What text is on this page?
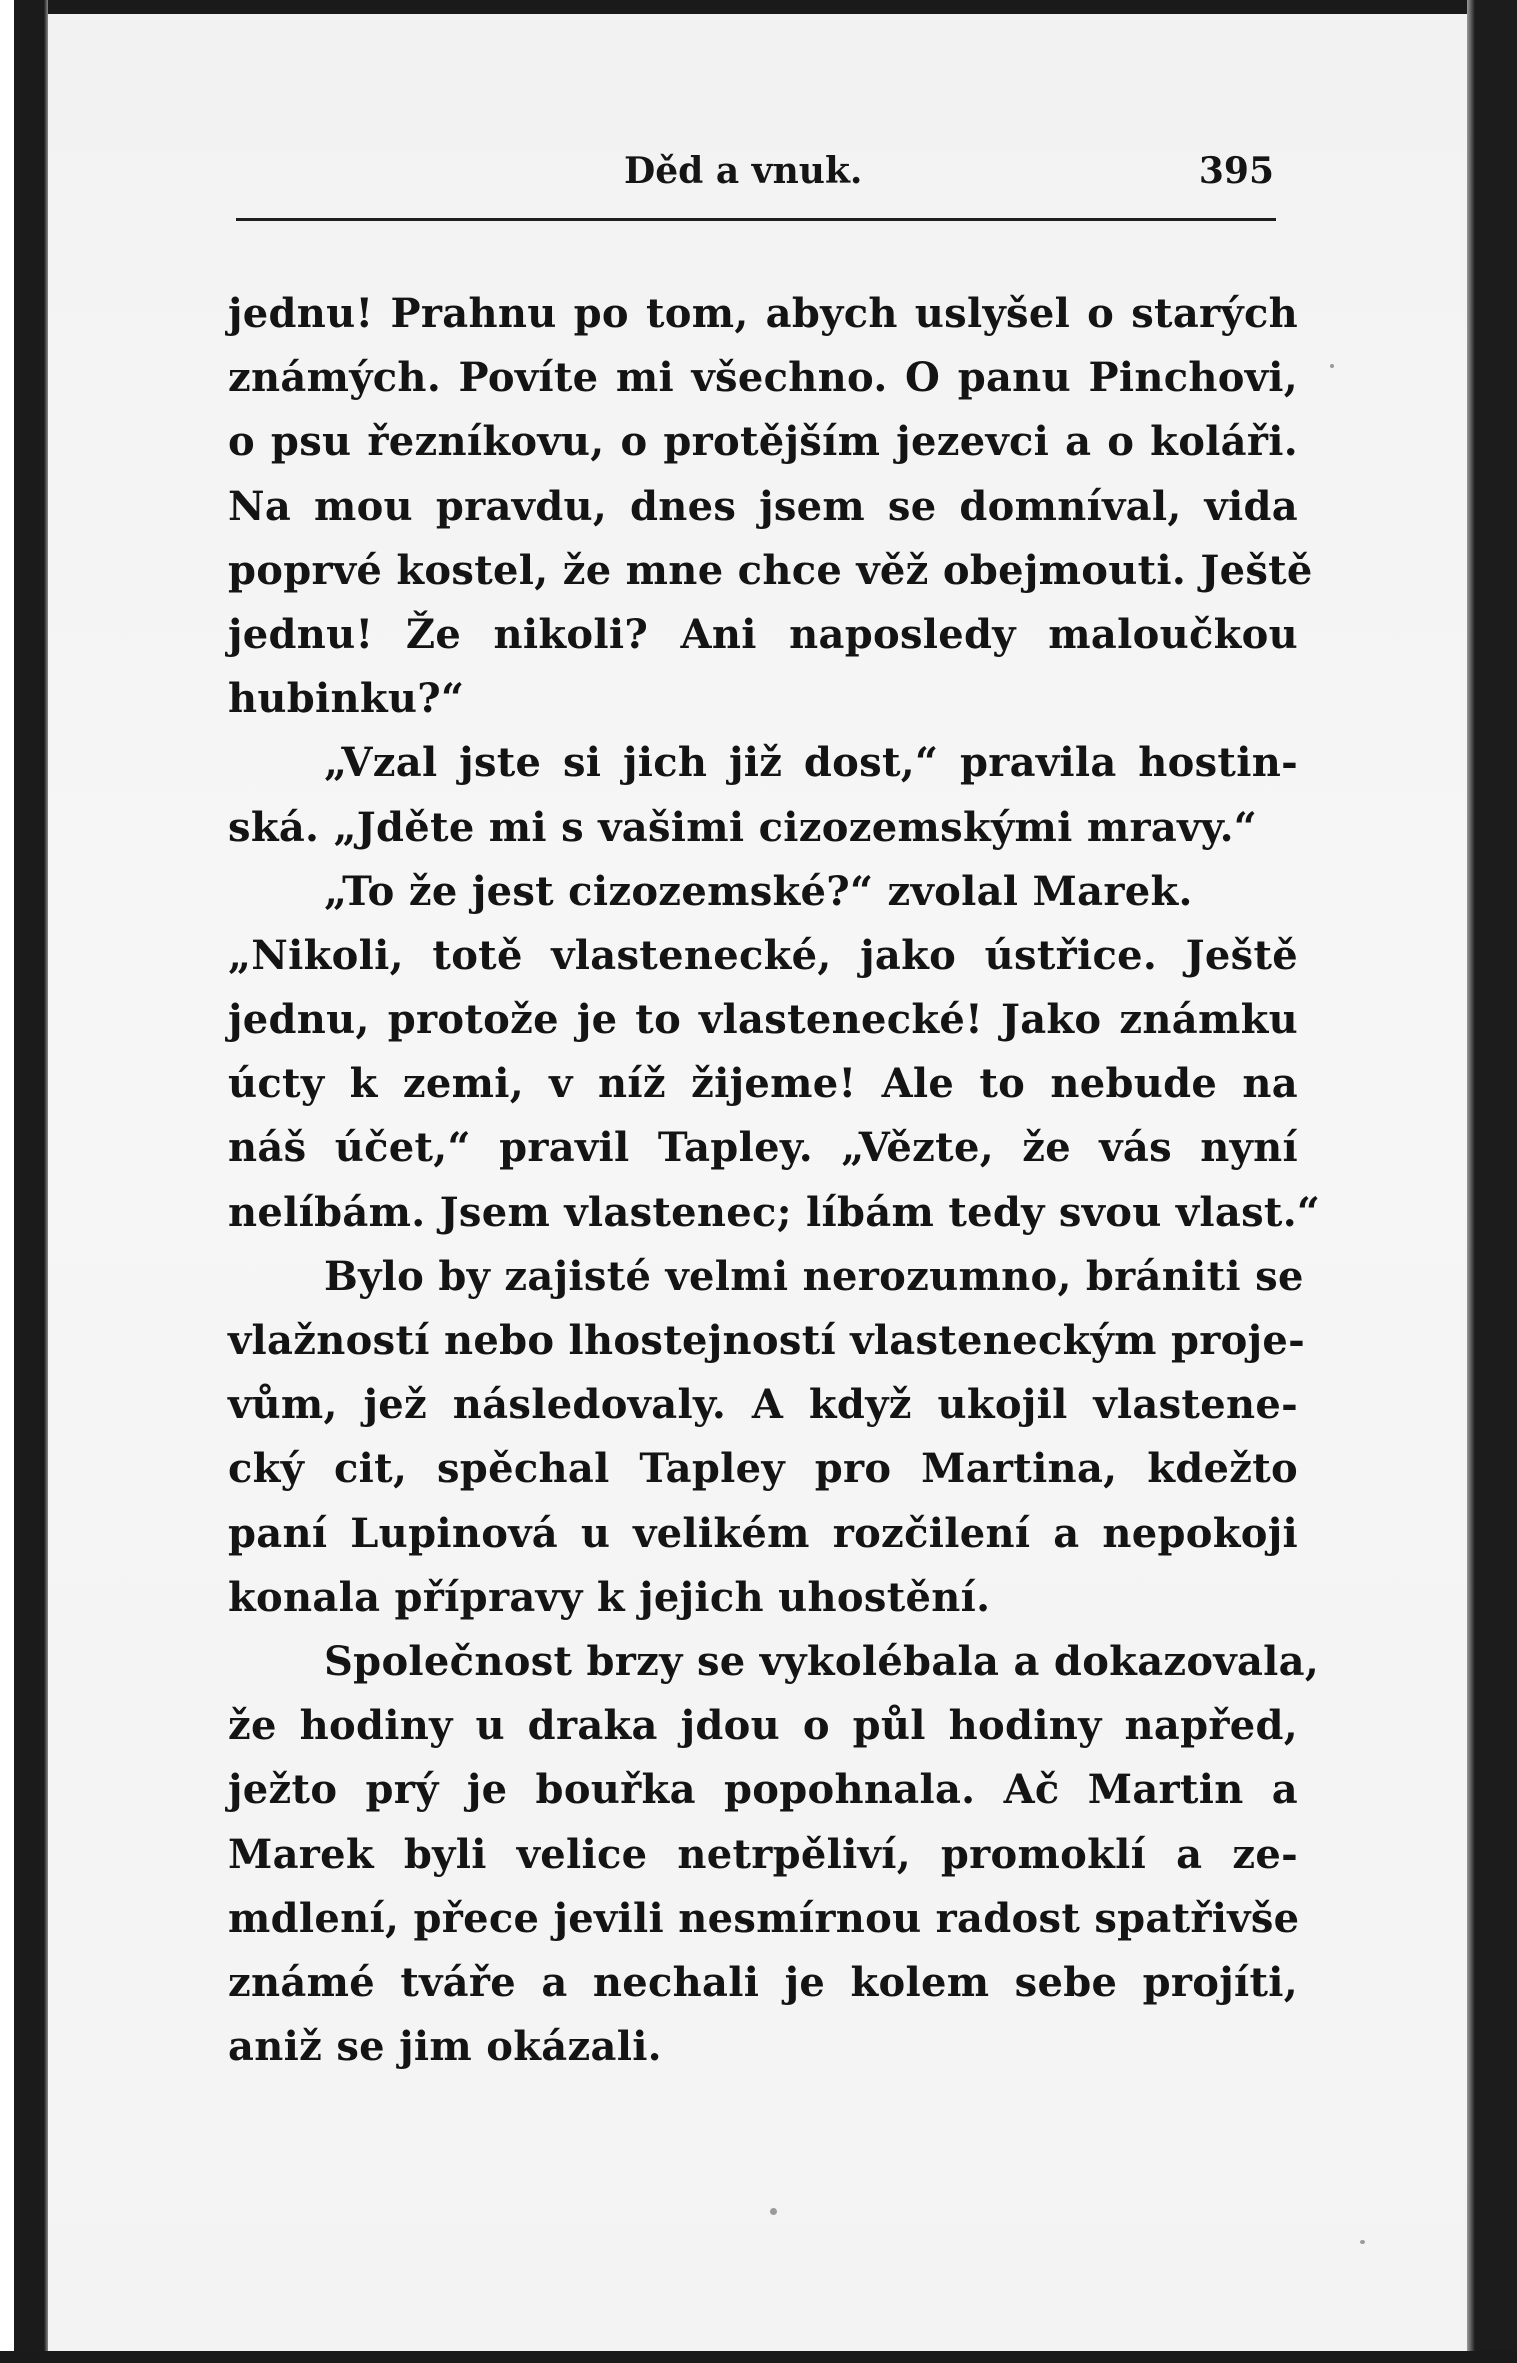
Děd a vnuk.	395
jednu! Prahnu po tom, abych uslyšel o starých
známých. Povíte mi všechno. O panu Pinchovi,
o psu řezníkovu, o protějším jezevci a o koláři.
Na mou pravdu, dnes jsem se domníval, vida
poprvé kostel, že mne chce věž obejmouti. Ještě
jednu! Že nikoli? Ani naposledy maloučkou
hubinku?“
„Vzal jste si jich již dost,“ pravila hostin-
ská. „Jděte mi s vašimi cizozemskými mravy.“
„To že jest cizozemské?“ zvolal Marek.
„Nikoli, totě vlastenecké, jako ústřice. Ještě
jednu, protože je to vlastenecké! Jako známku
úcty k zemi, v níž žijeme! Ale to nebude na
náš účet,“ pravil Tapley. „Vězte, že vás nyní
nelíbám. Jsem vlastenec; líbám tedy svou vlast.“
Bylo by zajisté velmi nerozumno, brániti se
vlažností nebo lhostejností vlasteneckým proje-
vům, jež následovaly. A když ukojil vlastene-
cký cit, spěchal Tapley pro Martina, kdežto
paní Lupinová u velikém rozčilení a nepokoji
konala přípravy k jejich uhostění.
Společnost brzy se vykolébala a dokazovala,
že hodiny u draka jdou o půl hodiny napřed,
ježto prý je bouřka popohnala. Ač Martin a
Marek byli velice netrpěliví, promoklí a ze-
mdlení, přece jevili nesmírnou radost spatřivše
známé tváře a nechali je kolem sebe projíti,
aniž se jim okázali.
